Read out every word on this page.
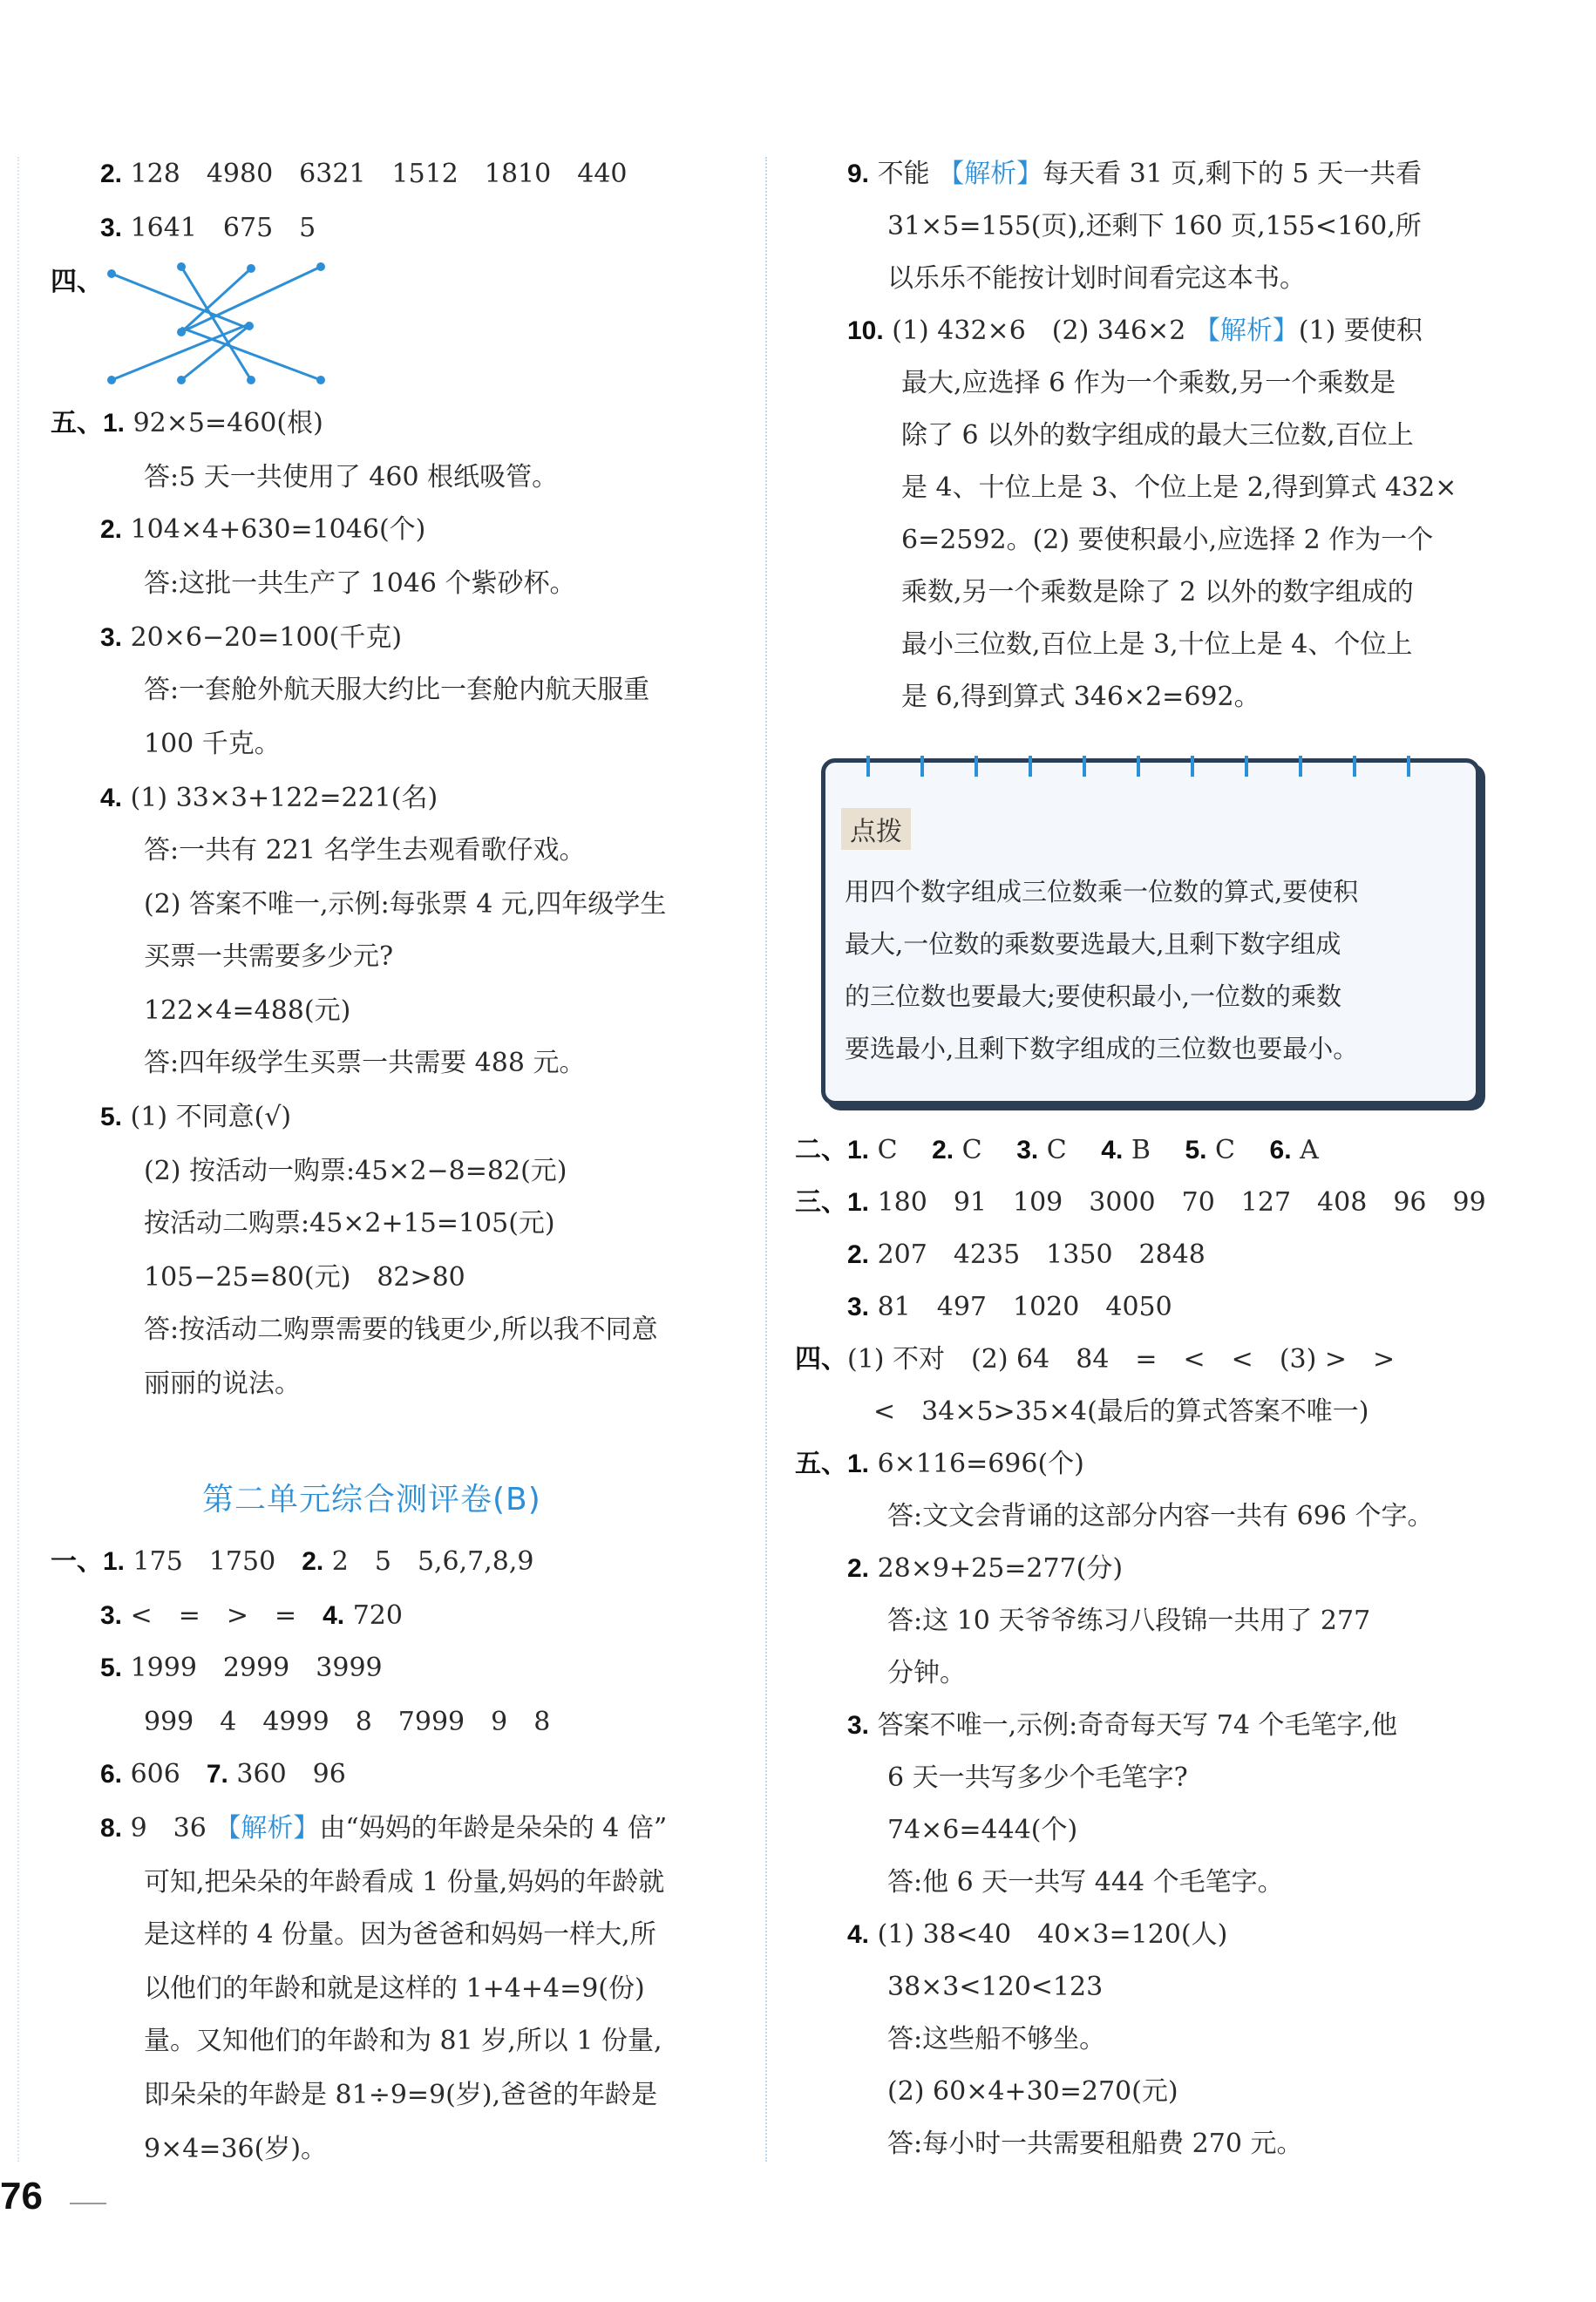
2. 128　4980　6321　1512　1810　440
3. 1641　675　5
四、
五、1. 92×5=460(根)
答:5 天一共使用了 460 根纸吸管。
2. 104×4+630=1046(个)
答:这批一共生产了 1046 个紫砂杯。
3. 20×6−20=100(千克)
答:一套舱外航天服大约比一套舱内航天服重
100 千克。
4. (1) 33×3+122=221(名)
答:一共有 221 名学生去观看歌仔戏。
(2) 答案不唯一,示例:每张票 4 元,四年级学生
买票一共需要多少元?
122×4=488(元)
答:四年级学生买票一共需要 488 元。
5. (1) 不同意(√)
(2) 按活动一购票:45×2−8=82(元)
按活动二购票:45×2+15=105(元)
105−25=80(元)　82>80
答:按活动二购票需要的钱更少,所以我不同意
丽丽的说法。
第二单元综合测评卷(B)
一、1. 175　1750　 2. 2　5　5,6,7,8,9
3. <　=　>　=　 4. 720
5. 1999　2999　3999
999　4　4999　8　7999　9　8
6. 606　 7. 360　96
8. 9　36 【解析】由“妈妈的年龄是朵朵的 4 倍”
可知,把朵朵的年龄看成 1 份量,妈妈的年龄就
是这样的 4 份量。因为爸爸和妈妈一样大,所
以他们的年龄和就是这样的 1+4+4=9(份)
量。又知他们的年龄和为 81 岁,所以 1 份量,
即朵朵的年龄是 81÷9=9(岁),爸爸的年龄是
9×4=36(岁)。
9. 不能 【解析】每天看 31 页,剩下的 5 天一共看
31×5=155(页),还剩下 160 页,155<160,所
以乐乐不能按计划时间看完这本书。
10. (1) 432×6　(2) 346×2 【解析】(1) 要使积
最大,应选择 6 作为一个乘数,另一个乘数是
除了 6 以外的数字组成的最大三位数,百位上
是 4、十位上是 3、个位上是 2,得到算式 432×
6=2592。(2) 要使积最小,应选择 2 作为一个
乘数,另一个乘数是除了 2 以外的数字组成的
最小三位数,百位上是 3,十位上是 4、个位上
是 6,得到算式 346×2=692。
点拨
用四个数字组成三位数乘一位数的算式,要使积
最大,一位数的乘数要选最大,且剩下数字组成
的三位数也要最大;要使积最小,一位数的乘数
要选最小,且剩下数字组成的三位数也要最小。
二、1. C　 2. C　 3. C　 4. B　 5. C　 6. A
三、1. 180　91　109　3000　70　127　408　96　99
2. 207　4235　1350　2848
3. 81　497　1020　4050
四、(1) 不对　(2) 64　84　=　<　<　(3) >　>
<　34×5>35×4(最后的算式答案不唯一)
五、1. 6×116=696(个)
答:文文会背诵的这部分内容一共有 696 个字。
2. 28×9+25=277(分)
答:这 10 天爷爷练习八段锦一共用了 277
分钟。
3. 答案不唯一,示例:奇奇每天写 74 个毛笔字,他
6 天一共写多少个毛笔字?
74×6=444(个)
答:他 6 天一共写 444 个毛笔字。
4. (1) 38<40　40×3=120(人)
38×3<120<123
答:这些船不够坐。
(2) 60×4+30=270(元)
答:每小时一共需要租船费 270 元。
76
